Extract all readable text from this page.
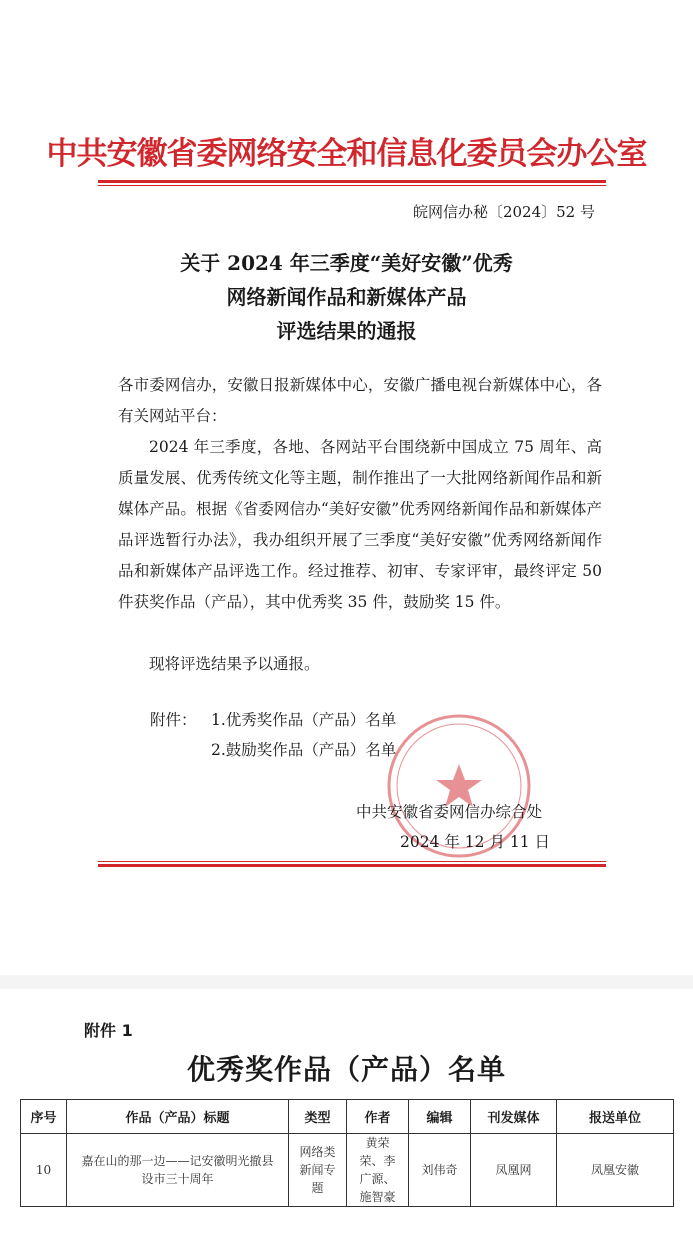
中共安徽省委网络安全和信息化委员会办公室
皖网信办秘〔2024〕52 号
关于 2024 年三季度“美好安徽”优秀
网络新闻作品和新媒体产品
评选结果的通报
各市委网信办，安徽日报新媒体中心，安徽广播电视台新媒体中心，各有关网站平台：
2024 年三季度，各地、各网站平台围绕新中国成立 75 周年、高质量发展、优秀传统文化等主题，制作推出了一大批网络新闻作品和新媒体产品。根据《省委网信办“美好安徽”优秀网络新闻作品和新媒体产品评选暂行办法》，我办组织开展了三季度“美好安徽”优秀网络新闻作品和新媒体产品评选工作。经过推荐、初审、专家评审，最终评定 50 件获奖作品（产品），其中优秀奖 35 件，鼓励奖 15 件。
现将评选结果予以通报。
附件： 1.优秀奖作品（产品）名单
2.鼓励奖作品（产品）名单
中共安徽省委网信办综合处
2024 年 12 月 11 日
附件 1
优秀奖作品（产品）名单
序号	作品（产品）标题	类型	作者	编辑	刊发媒体	报送单位
10	嘉在山的那一边——记安徽明光撤县设市三十周年	网络类新闻专题	黄荣荣、李广源、施智豪	刘伟奇	凤凰网	凤凰安徽
